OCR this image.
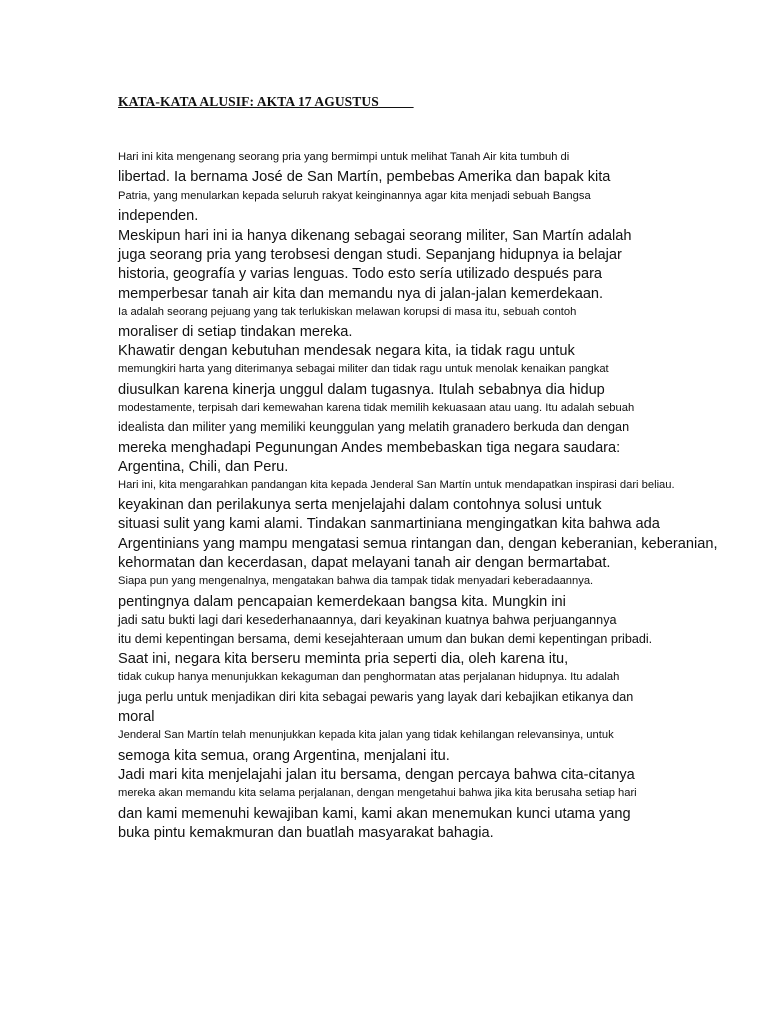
KATA-KATA ALUSIF: AKTA 17 AGUSTUS
Hari ini kita mengenang seorang pria yang bermimpi untuk melihat Tanah Air kita tumbuh di
libertad. Ia bernama José de San Martín, pembebas Amerika dan bapak kita
Patria, yang menularkan kepada seluruh rakyat keinginannya agar kita menjadi sebuah Bangsa
independen.
Meskipun hari ini ia hanya dikenang sebagai seorang militer, San Martín adalah
juga seorang pria yang terobsesi dengan studi. Sepanjang hidupnya ia belajar
historia, geografía y varias lenguas. Todo esto sería utilizado después para
memperbesar tanah air kita dan memandu nya di jalan-jalan kemerdekaan.
Ia adalah seorang pejuang yang tak terlukiskan melawan korupsi di masa itu, sebuah contoh
moraliser di setiap tindakan mereka.
Khawatir dengan kebutuhan mendesak negara kita, ia tidak ragu untuk
memungkiri harta yang diterimanya sebagai militer dan tidak ragu untuk menolak kenaikan pangkat
diusulkan karena kinerja unggul dalam tugasnya. Itulah sebabnya dia hidup
modestamente, terpisah dari kemewahan karena tidak memilih kekuasaan atau uang. Itu adalah sebuah
idealista dan militer yang memiliki keunggulan yang melatih granadero berkuda dan dengan
mereka menghadapi Pegunungan Andes membebaskan tiga negara saudara:
Argentina, Chili, dan Peru.
Hari ini, kita mengarahkan pandangan kita kepada Jenderal San Martín untuk mendapatkan inspirasi dari beliau.
keyakinan dan perilakunya serta menjelajahi dalam contohnya solusi untuk
situasi sulit yang kami alami. Tindakan sanmartiniana mengingatkan kita bahwa ada
Argentinians yang mampu mengatasi semua rintangan dan, dengan keberanian, keberanian,
kehormatan dan kecerdasan, dapat melayani tanah air dengan bermartabat.
Siapa pun yang mengenalnya, mengatakan bahwa dia tampak tidak menyadari keberadaannya.
pentingnya dalam pencapaian kemerdekaan bangsa kita. Mungkin ini
jadi satu bukti lagi dari kesederhanaannya, dari keyakinan kuatnya bahwa perjuangannya
itu demi kepentingan bersama, demi kesejahteraan umum dan bukan demi kepentingan pribadi.
Saat ini, negara kita berseru meminta pria seperti dia, oleh karena itu,
tidak cukup hanya menunjukkan kekaguman dan penghormatan atas perjalanan hidupnya. Itu adalah
juga perlu untuk menjadikan diri kita sebagai pewaris yang layak dari kebajikan etikanya dan
moral
Jenderal San Martín telah menunjukkan kepada kita jalan yang tidak kehilangan relevansinya, untuk
semoga kita semua, orang Argentina, menjalani itu.
Jadi mari kita menjelajahi jalan itu bersama, dengan percaya bahwa cita-citanya
mereka akan memandu kita selama perjalanan, dengan mengetahui bahwa jika kita berusaha setiap hari
dan kami memenuhi kewajiban kami, kami akan menemukan kunci utama yang
buka pintu kemakmuran dan buatlah masyarakat bahagia.
